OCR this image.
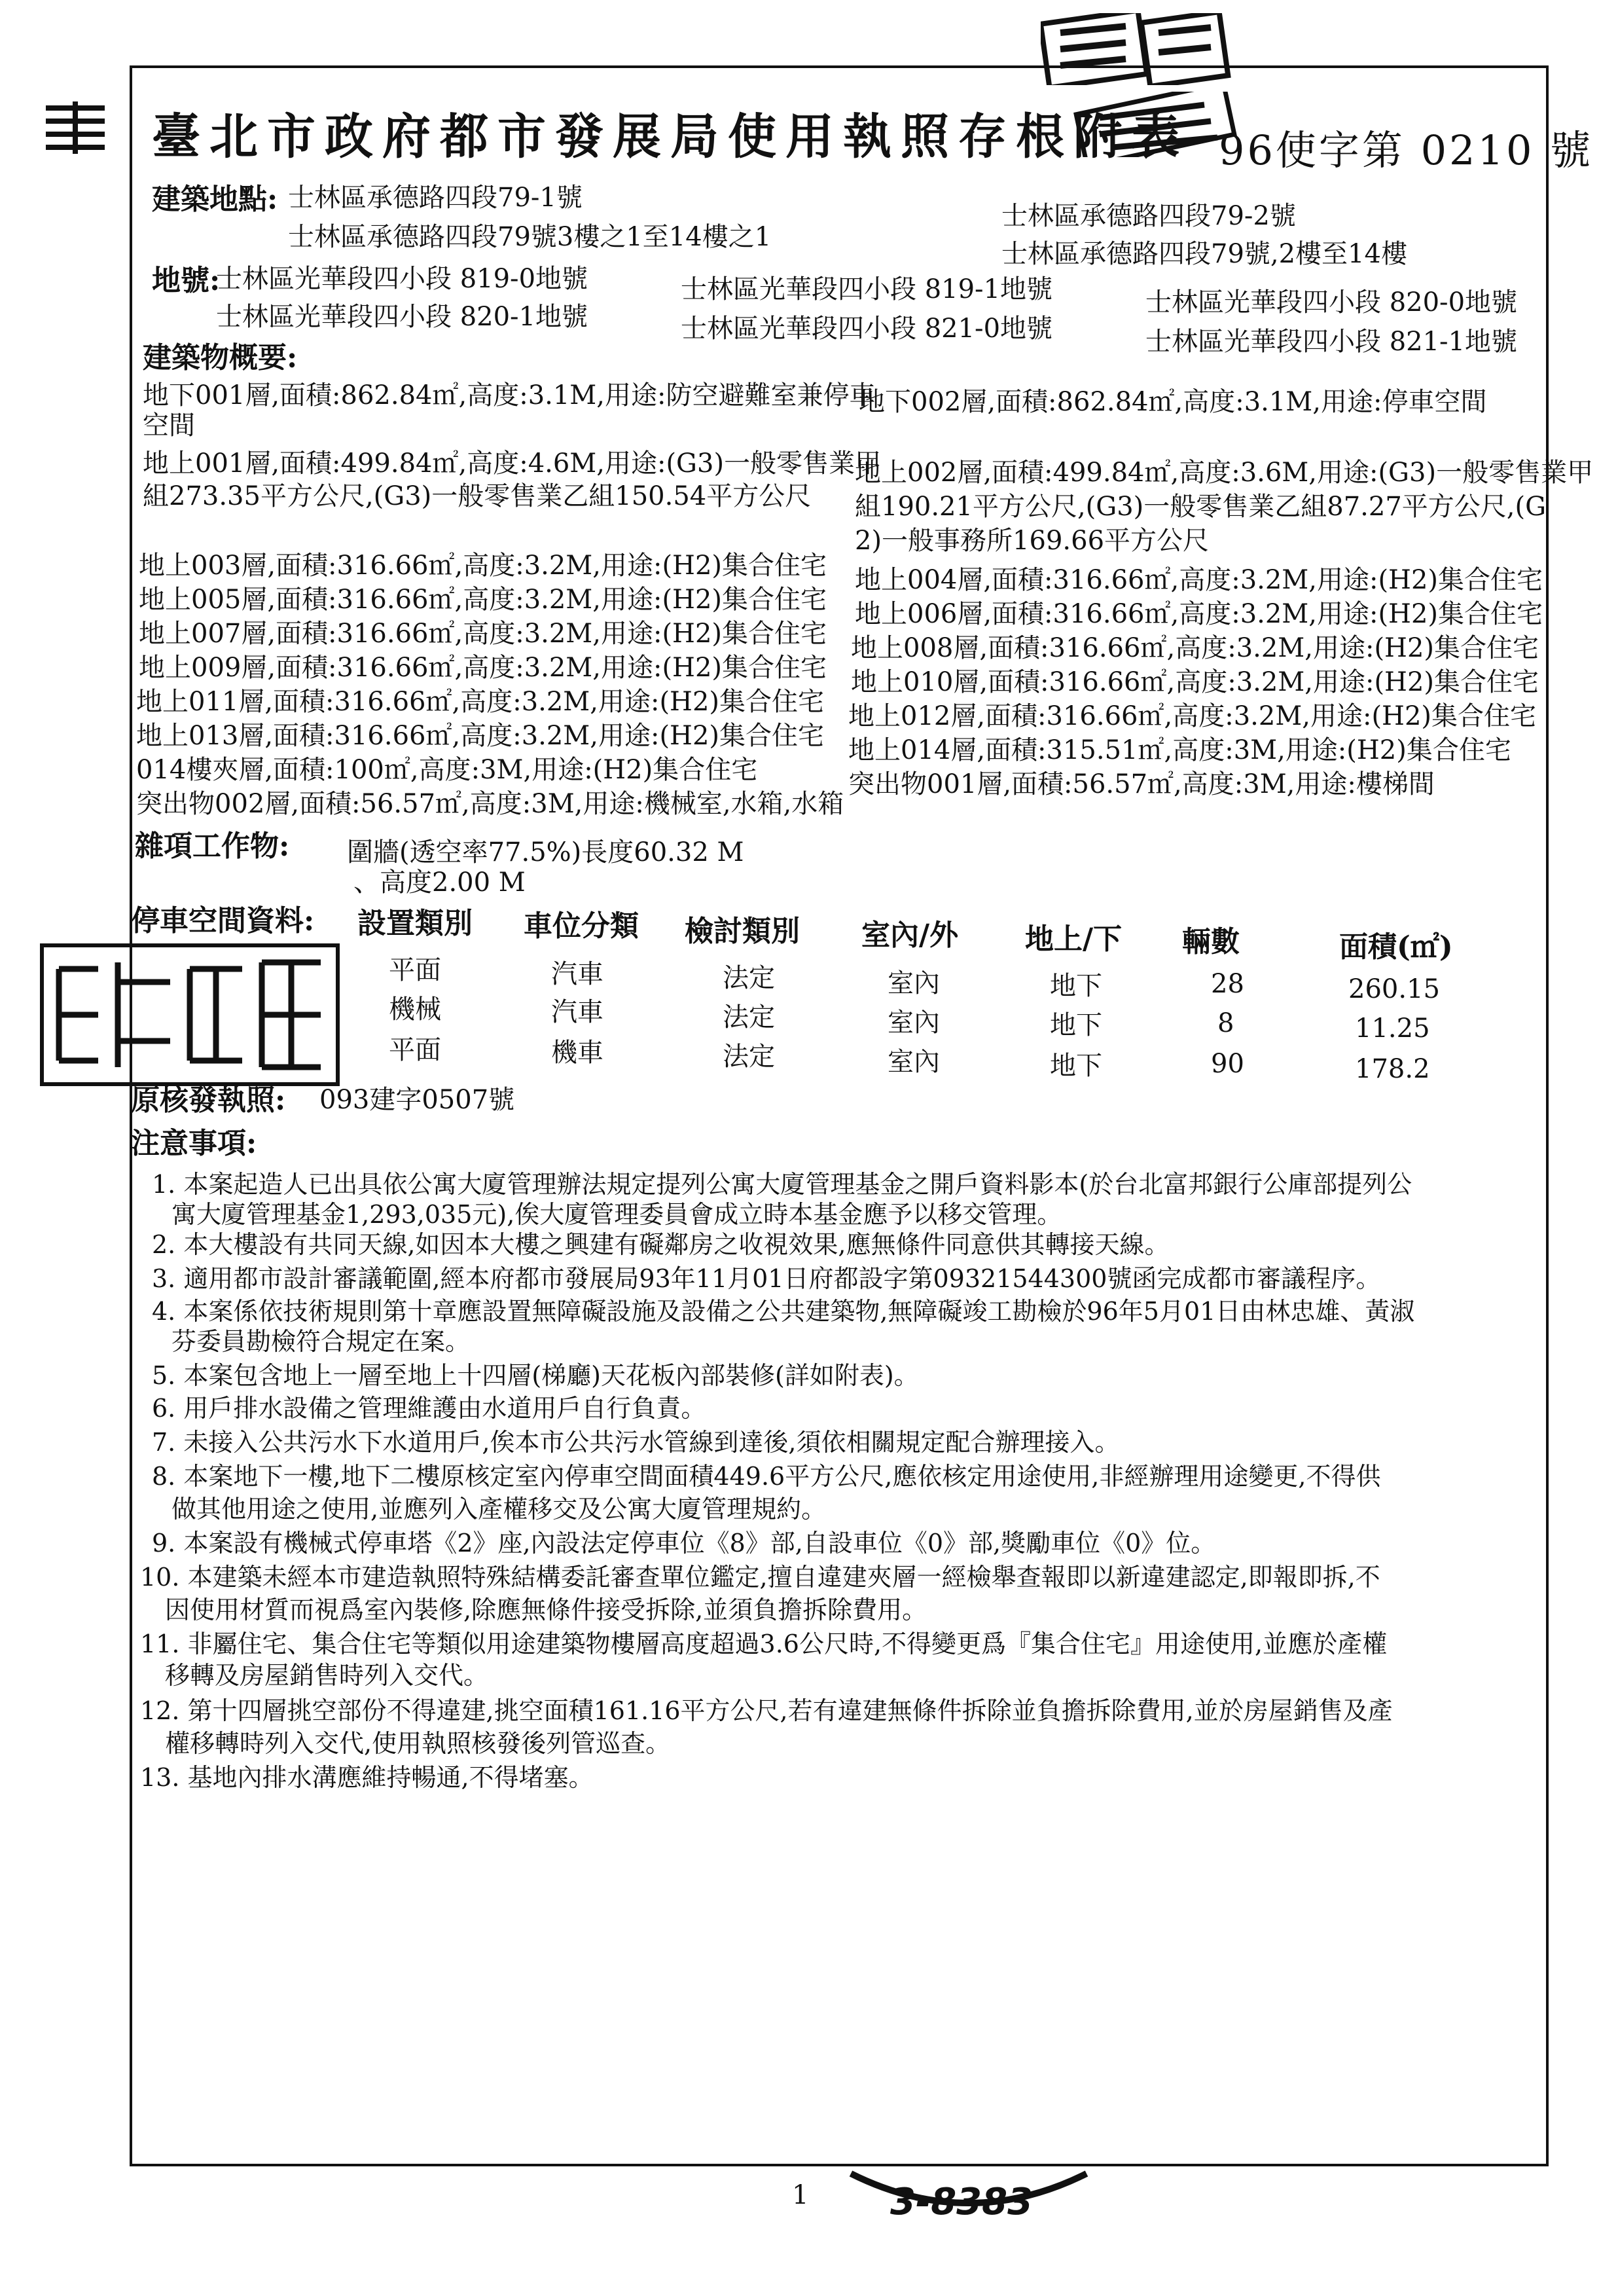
3-8383
臺北市政府都市發展局使用執照存根附表 96使字第 0210 號
建築地點: 士林區承德路四段79-1號
士林區承德路四段79號3樓之1至14樓之1
士林區承德路四段79-2號
士林區承德路四段79號,2樓至14樓
地號:
士林區光華段四小段 819-0地號	士林區光華段四小段 819-1地號	士林區光華段四小段 820-0地號
士林區光華段四小段 820-1地號	士林區光華段四小段 821-0地號	士林區光華段四小段 821-1地號
建築物概要:
地下001層,面積:862.84㎡,高度:3.1M,用途:防空避難室兼停車
空間
地上001層,面積:499.84㎡,高度:4.6M,用途:(G3)一般零售業甲
組273.35平方公尺,(G3)一般零售業乙組150.54平方公尺
地上003層,面積:316.66㎡,高度:3.2M,用途:(H2)集合住宅
地上005層,面積:316.66㎡,高度:3.2M,用途:(H2)集合住宅
地上007層,面積:316.66㎡,高度:3.2M,用途:(H2)集合住宅
地上009層,面積:316.66㎡,高度:3.2M,用途:(H2)集合住宅
地上011層,面積:316.66㎡,高度:3.2M,用途:(H2)集合住宅
地上013層,面積:316.66㎡,高度:3.2M,用途:(H2)集合住宅
014樓夾層,面積:100㎡,高度:3M,用途:(H2)集合住宅
突出物002層,面積:56.57㎡,高度:3M,用途:機械室,水箱,水箱
地下002層,面積:862.84㎡,高度:3.1M,用途:停車空間
地上002層,面積:499.84㎡,高度:3.6M,用途:(G3)一般零售業甲
組190.21平方公尺,(G3)一般零售業乙組87.27平方公尺,(G
2)一般事務所169.66平方公尺
地上004層,面積:316.66㎡,高度:3.2M,用途:(H2)集合住宅
地上006層,面積:316.66㎡,高度:3.2M,用途:(H2)集合住宅
地上008層,面積:316.66㎡,高度:3.2M,用途:(H2)集合住宅
地上010層,面積:316.66㎡,高度:3.2M,用途:(H2)集合住宅
地上012層,面積:316.66㎡,高度:3.2M,用途:(H2)集合住宅
地上014層,面積:315.51㎡,高度:3M,用途:(H2)集合住宅
突出物001層,面積:56.57㎡,高度:3M,用途:樓梯間
雜項工作物: 圍牆(透空率77.5%)長度60.32 M
、高度2.00 M
停車空間資料: 設置類別 車位分類 檢討類別 室內/外 地上/下 輛數	面積(㎡)
平面	汽車	法定	室內	地下	28	260.15
機械	汽車	法定	室內	地下	8	11.25
平面	機車	法定	室內	地下	90	178.2
原核發執照: 093建字0507號
注意事項:
1. 本案起造人已出具依公寓大廈管理辦法規定提列公寓大廈管理基金之開戶資料影本(於台北富邦銀行公庫部提列公
寓大廈管理基金1,293,035元),俟大廈管理委員會成立時本基金應予以移交管理。
2. 本大樓設有共同天線,如因本大樓之興建有礙鄰房之收視效果,應無條件同意供其轉接天線。
3. 適用都市設計審議範圍,經本府都市發展局93年11月01日府都設字第09321544300號函完成都市審議程序。
4. 本案係依技術規則第十章應設置無障礙設施及設備之公共建築物,無障礙竣工勘檢於96年5月01日由林忠雄、黃淑
芬委員勘檢符合規定在案。
5. 本案包含地上一層至地上十四層(梯廳)天花板內部裝修(詳如附表)。
6. 用戶排水設備之管理維護由水道用戶自行負責。
7. 未接入公共污水下水道用戶,俟本市公共污水管線到達後,須依相關規定配合辦理接入。
8. 本案地下一樓,地下二樓原核定室內停車空間面積449.6平方公尺,應依核定用途使用,非經辦理用途變更,不得供
做其他用途之使用,並應列入產權移交及公寓大廈管理規約。
9. 本案設有機械式停車塔《2》座,內設法定停車位《8》部,自設車位《0》部,獎勵車位《0》位。
10. 本建築未經本市建造執照特殊結構委託審查單位鑑定,擅自違建夾層一經檢舉查報即以新違建認定,即報即拆,不
因使用材質而視爲室內裝修,除應無條件接受拆除,並須負擔拆除費用。
11. 非屬住宅、集合住宅等類似用途建築物樓層高度超過3.6公尺時,不得變更爲『集合住宅』用途使用,並應於產權
移轉及房屋銷售時列入交代。
12. 第十四層挑空部份不得違建,挑空面積161.16平方公尺,若有違建無條件拆除並負擔拆除費用,並於房屋銷售及產
權移轉時列入交代,使用執照核發後列管巡查。
13. 基地內排水溝應維持暢通,不得堵塞。
1
